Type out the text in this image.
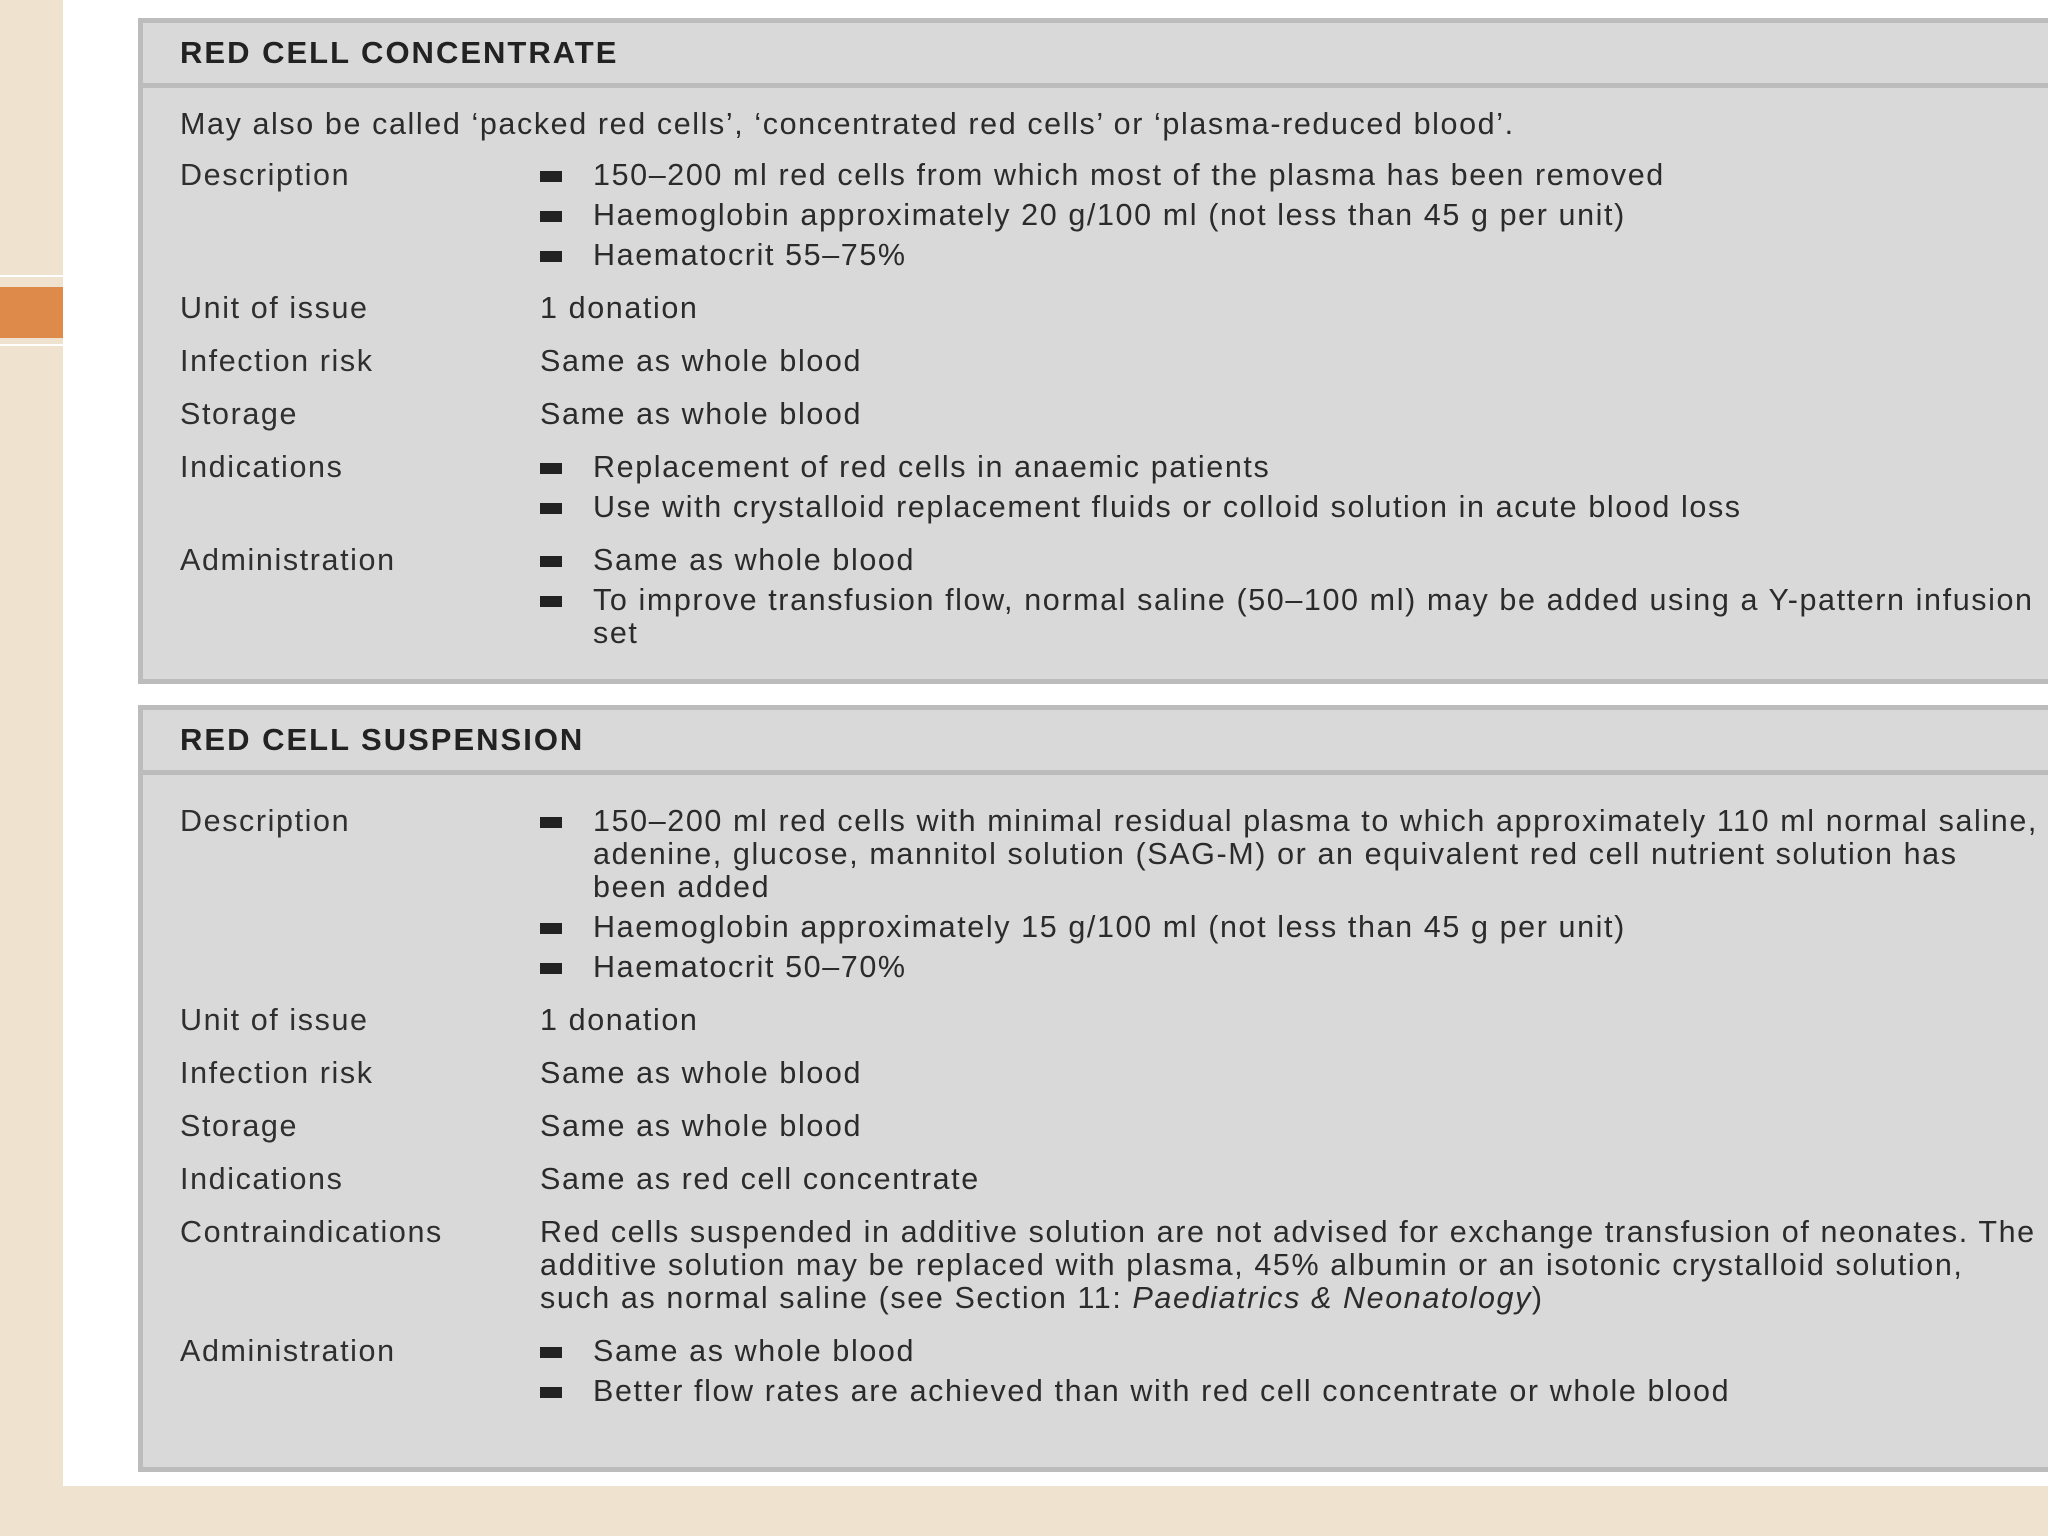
RED CELL CONCENTRATE
May also be called ‘packed red cells’, ‘concentrated red cells’ or ‘plasma-reduced blood’.
Description	150–200 ml red cells from which most of the plasma has been removed
Haemoglobin approximately 20 g/100 ml (not less than 45 g per unit)
Haematocrit 55–75%
Unit of issue	1 donation
Infection risk	Same as whole blood
Storage	Same as whole blood
Indications	Replacement of red cells in anaemic patients
Use with crystalloid replacement fluids or colloid solution in acute blood loss
Administration	Same as whole blood
To improve transfusion flow, normal saline (50–100 ml) may be added using a Y-pattern infusion set
RED CELL SUSPENSION
Description	150–200 ml red cells with minimal residual plasma to which approximately 110 ml normal saline, adenine, glucose, mannitol solution (SAG-M) or an equivalent red cell nutrient solution has been added
Haemoglobin approximately 15 g/100 ml (not less than 45 g per unit)
Haematocrit 50–70%
Unit of issue	1 donation
Infection risk	Same as whole blood
Storage	Same as whole blood
Indications	Same as red cell concentrate
Contraindications	Red cells suspended in additive solution are not advised for exchange transfusion of neonates. The additive solution may be replaced with plasma, 45% albumin or an isotonic crystalloid solution, such as normal saline (see Section 11: Paediatrics & Neonatology)
Administration	Same as whole blood
Better flow rates are achieved than with red cell concentrate or whole blood
